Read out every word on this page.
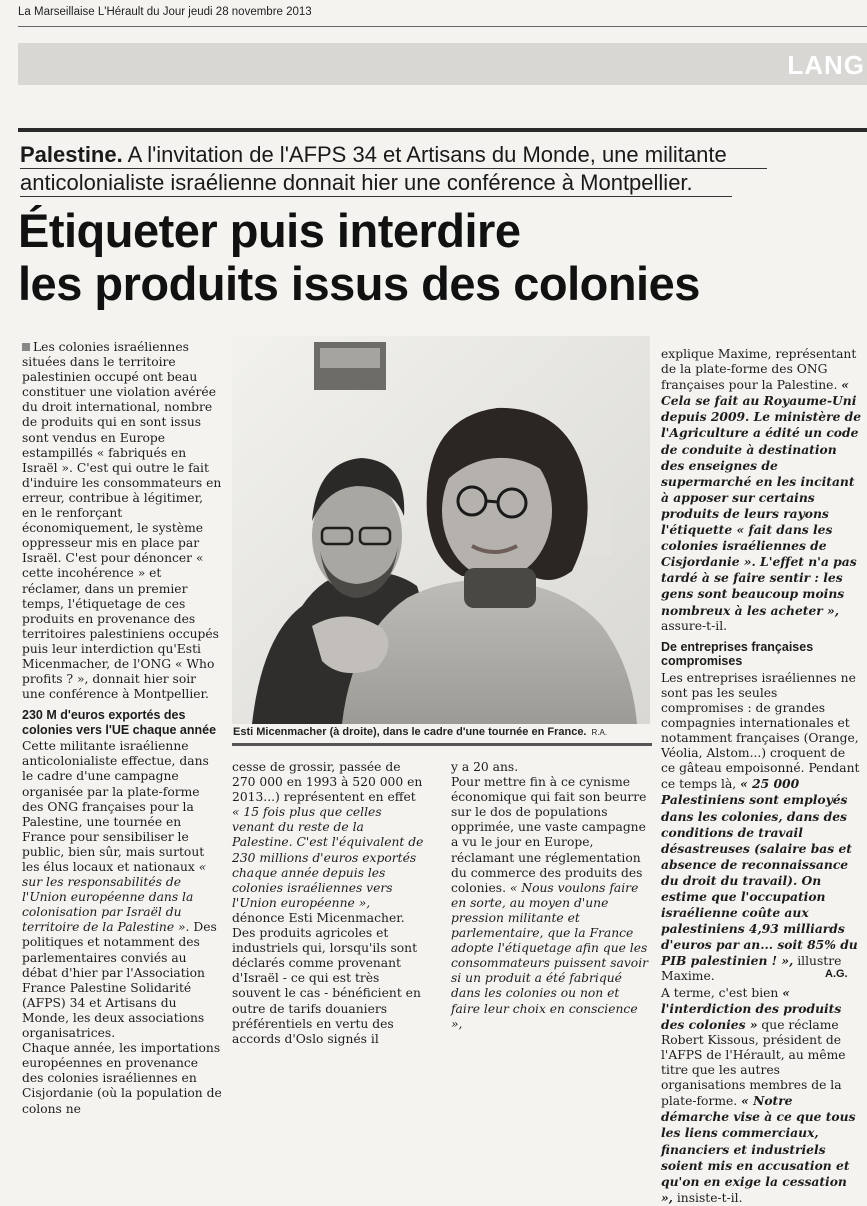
La Marseillaise L'Hérault du Jour jeudi 28 novembre 2013
LANG
Palestine. A l'invitation de l'AFPS 34 et Artisans du Monde, une militante
anticolonialiste israélienne donnait hier une conférence à Montpellier.
Étiqueter puis interdire
les produits issus des colonies

Les colonies israéliennes situées dans le territoire palestinien occupé ont beau constituer une violation avérée du droit international, nombre de produits qui en sont issus sont vendus en Europe estampillés « fabriqués en Israël ». C'est qui outre le fait d'induire les consommateurs en erreur, contribue à légitimer, en le renforçant économiquement, le système oppresseur mis en place par Israël. C'est pour dénoncer « cette incohérence » et réclamer, dans un premier temps, l'étiquetage de ces produits en provenance des territoires palestiniens occupés puis leur interdiction qu'Esti Micenmacher, de l'ONG « Who profits ? », donnait hier soir une conférence à Montpellier.

230 M d'euros exportés des colonies vers l'UE chaque année

Cette militante israélienne anticolonialiste effectue, dans le cadre d'une campagne organisée par la plate-forme des ONG françaises pour la Palestine, une tournée en France pour sensibiliser le public, bien sûr, mais surtout les élus locaux et nationaux « sur les responsabilités de l'Union européenne dans la colonisation par Israël du territoire de la Palestine ». Des politiques et notamment des parlementaires conviés au débat d'hier par l'Association France Palestine Solidarité (AFPS) 34 et Artisans du Monde, les deux associations organisatrices.

Chaque année, les importations européennes en provenance des colonies israéliennes en Cisjordanie (où la population de colons ne

Esti Micenmacher (à droite), dans le cadre d'une tournée en France. R.A.

cesse de grossir, passée de 270 000 en 1993 à 520 000 en 2013...) représentent en effet « 15 fois plus que celles venant du reste de la Palestine. C'est l'équivalent de 230 millions d'euros exportés chaque année depuis les colonies israéliennes vers l'Union européenne », dénonce Esti Micenmacher. Des produits agricoles et industriels qui, lorsqu'ils sont déclarés comme provenant d'Israël - ce qui est très souvent le cas - bénéficient en outre de tarifs douaniers préférentiels en vertu des accords d'Oslo signés il

y a 20 ans.

Pour mettre fin à ce cynisme économique qui fait son beurre sur le dos de populations opprimée, une vaste campagne a vu le jour en Europe, réclamant une réglementation du commerce des produits des colonies. « Nous voulons faire en sorte, au moyen d'une pression militante et parlementaire, que la France adopte l'étiquetage afin que les consommateurs puissent savoir si un produit a été fabriqué dans les colonies ou non et faire leur choix en conscience »,

explique Maxime, représentant de la plate-forme des ONG françaises pour la Palestine. « Cela se fait au Royaume-Uni depuis 2009. Le ministère de l'Agriculture a édité un code de conduite à destination des enseignes de supermarché en les incitant à apposer sur certains produits de leurs rayons l'étiquette « fait dans les colonies israéliennes de Cisjordanie ». L'effet n'a pas tardé à se faire sentir : les gens sont beaucoup moins nombreux à les acheter », assure-t-il.

De entreprises françaises compromises

Les entreprises israéliennes ne sont pas les seules compromises : de grandes compagnies internationales et notamment françaises (Orange, Véolia, Alstom...) croquent de ce gâteau empoisonné. Pendant ce temps là, « 25 000 Palestiniens sont employés dans les colonies, dans des conditions de travail désastreuses (salaire bas et absence de reconnaissance du droit du travail). On estime que l'occupation israélienne coûte aux palestiniens 4,93 milliards d'euros par an... soit 85% du PIB palestinien ! », illustre Maxime.

A terme, c'est bien « l'interdiction des produits des colonies » que réclame Robert Kissous, président de l'AFPS de l'Hérault, au même titre que les autres organisations membres de la plate-forme. « Notre démarche vise à ce que tous les liens commerciaux, financiers et industriels soient mis en accusation et qu'on en exige la cessation », insiste-t-il.

A.G.
